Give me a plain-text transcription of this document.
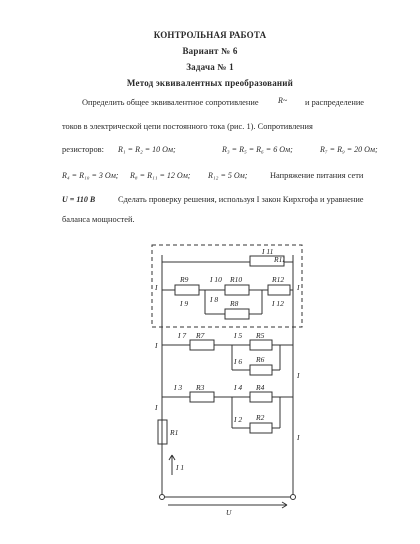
КОНТРОЛЬНАЯ РАБОТА
Вариант № 6
Задача № 1
Метод эквивалентных преобразований
Определить общее эквивалентное сопротивление R~ и распределение
токов в электрической цепи постоянного тока (рис. 1). Сопротивления
резисторов: R₁ = R₂ = 10 Ом;	R₃ = R₅ = R₆ = 6 Ом;	R₇ = R₉ = 20 Ом;
R₄ = R₁₀ = 3 Ом; R₈ = R₁₁ = 12 Ом; R₁₂ = 5 Ом;	Напряжение питания сети
U = 110 В	Сделать проверку решения, используя I закон Кирхгофа и уравнение
баланса мощностей.
I 11
R11
R9
I 9
I 10 R10	R12
I 12
I 8 R8
I 7 R7	I 5 R5
I 6 R6
I 3 R3	I 4 R4
I 2 R2
R1
I 1
U
I	I
I
I
I
I
